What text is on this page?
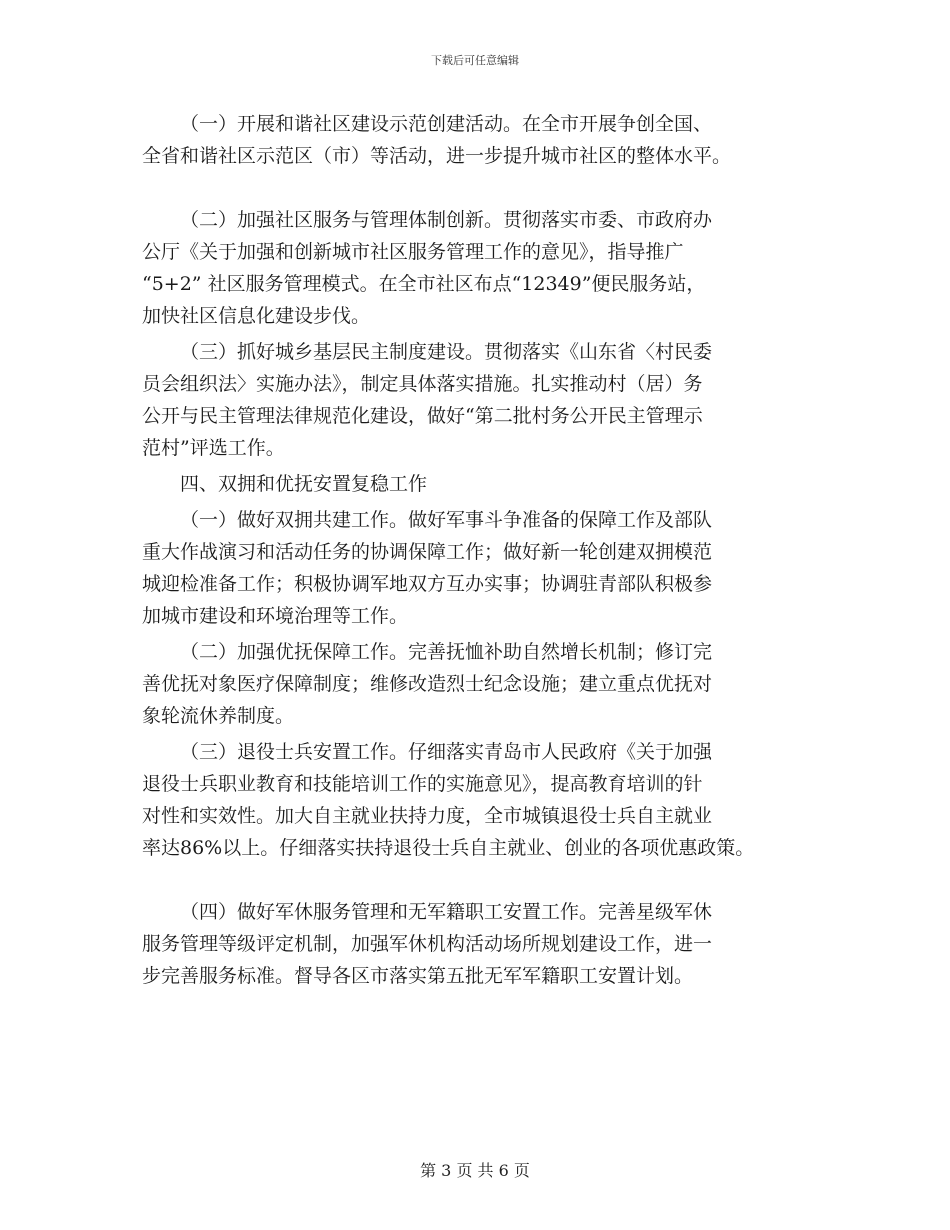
下载后可任意编辑
（一）开展和谐社区建设示范创建活动。在全市开展争创全国、
全省和谐社区示范区（市）等活动，进一步提升城市社区的整体水平。
（二）加强社区服务与管理体制创新。贯彻落实市委、市政府办
公厅《关于加强和创新城市社区服务管理工作的意见》，指导推广
“5+2” 社区服务管理模式。在全市社区布点“12349”便民服务站，
加快社区信息化建设步伐。
（三）抓好城乡基层民主制度建设。贯彻落实《山东省〈村民委
员会组织法〉实施办法》，制定具体落实措施。扎实推动村（居）务
公开与民主管理法律规范化建设，做好“第二批村务公开民主管理示
范村”评选工作。
四、双拥和优抚安置复稳工作
（一）做好双拥共建工作。做好军事斗争准备的保障工作及部队
重大作战演习和活动任务的协调保障工作；做好新一轮创建双拥模范
城迎检准备工作；积极协调军地双方互办实事；协调驻青部队积极参
加城市建设和环境治理等工作。
（二）加强优抚保障工作。完善抚恤补助自然增长机制；修订完
善优抚对象医疗保障制度；维修改造烈士纪念设施；建立重点优抚对
象轮流休养制度。
（三）退役士兵安置工作。仔细落实青岛市人民政府《关于加强
退役士兵职业教育和技能培训工作的实施意见》，提高教育培训的针
对性和实效性。加大自主就业扶持力度，全市城镇退役士兵自主就业
率达86%以上。仔细落实扶持退役士兵自主就业、创业的各项优惠政策。
（四）做好军休服务管理和无军籍职工安置工作。完善星级军休
服务管理等级评定机制，加强军休机构活动场所规划建设工作，进一
步完善服务标准。督导各区市落实第五批无军军籍职工安置计划。
第 3 页 共 6 页
